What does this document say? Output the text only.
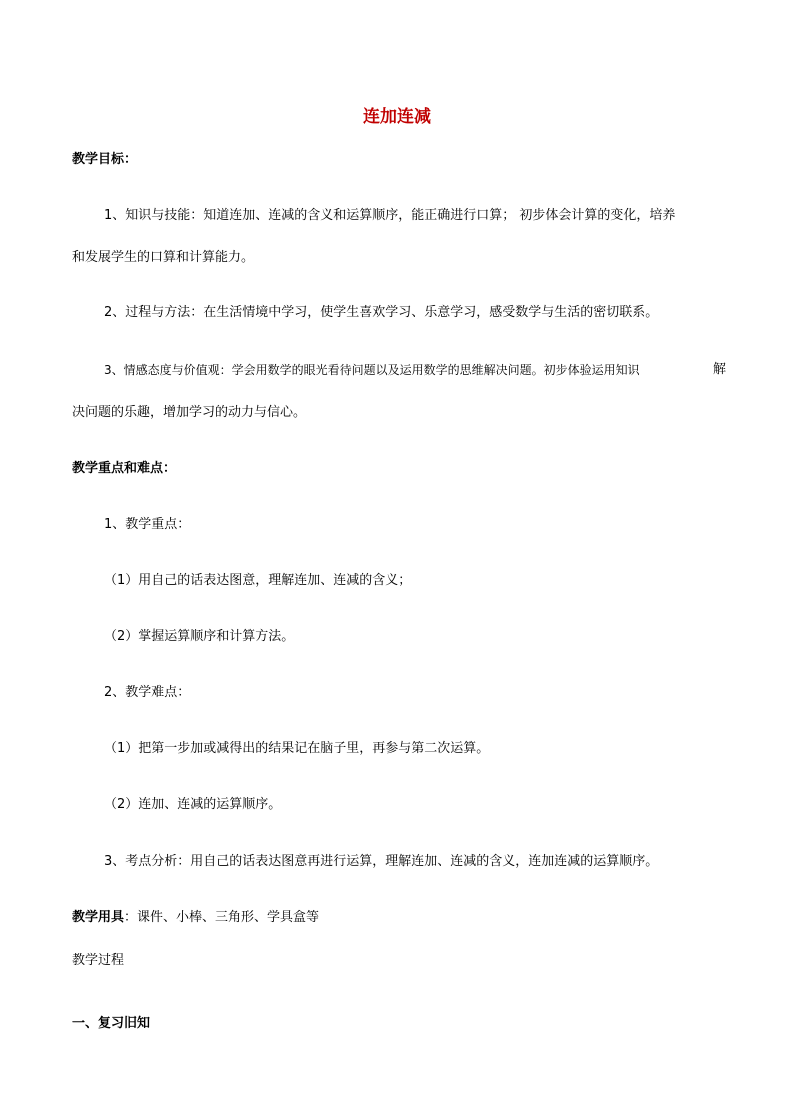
连加连减
教学目标：
1、知识与技能：知道连加、连减的含义和运算顺序，能正确进行口算； 初步体会计算的变化，培养
和发展学生的口算和计算能力。
2、过程与方法：在生活情境中学习，使学生喜欢学习、乐意学习，感受数学与生活的密切联系。
3、情感态度与价值观：学会用数学的眼光看待问题以及运用数学的思维解决问题。初步体验运用知识	解
决问题的乐趣，增加学习的动力与信心。
教学重点和难点：
1、教学重点：
（1）用自己的话表达图意，理解连加、连减的含义；
（2）掌握运算顺序和计算方法。
2、教学难点：
（1）把第一步加或减得出的结果记在脑子里，再参与第二次运算。
（2）连加、连减的运算顺序。
3、考点分析：用自己的话表达图意再进行运算，理解连加、连减的含义，连加连减的运算顺序。
教学用具：课件、小棒、三角形、学具盒等
教学过程
一、复习旧知
